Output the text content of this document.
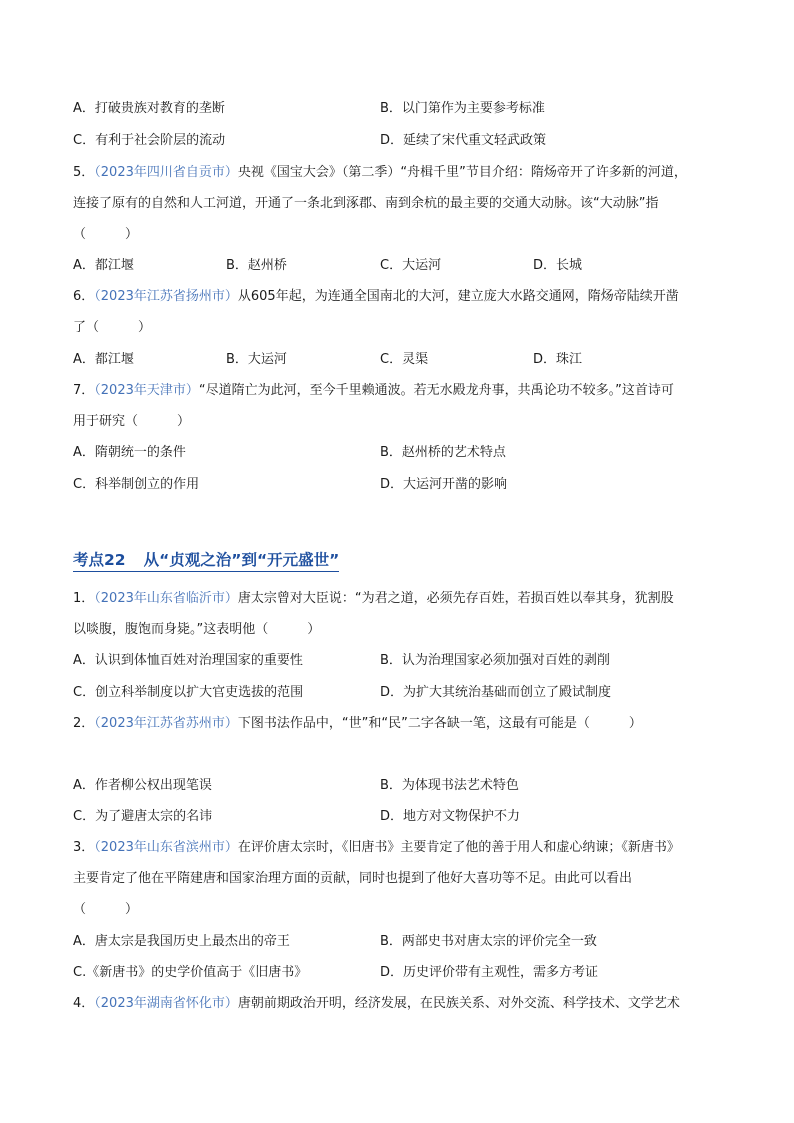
A．打破贵族对教育的垄断	B．以门第作为主要参考标准
C．有利于社会阶层的流动	D．延续了宋代重文轻武政策
5．（2023年四川省自贡市）央视《国宝大会》（第二季）“舟楫千里”节目介绍：隋炀帝开了许多新的河道，
连接了原有的自然和人工河道，开通了一条北到涿郡、南到余杭的最主要的交通大动脉。该“大动脉”指
（　　　）
A．都江堰	B．赵州桥	C．大运河	D．长城
6．（2023年江苏省扬州市）从605年起，为连通全国南北的大河，建立庞大水路交通网，隋炀帝陆续开凿
了（　　　）
A．都江堰	B．大运河	C．灵渠	D．珠江
7．（2023年天津市）“尽道隋亡为此河，至今千里赖通波。若无水殿龙舟事，共禹论功不较多。”这首诗可
用于研究（　　　）
A．隋朝统一的条件	B．赵州桥的艺术特点
C．科举制创立的作用	D．大运河开凿的影响
考点22 从“贞观之治”到“开元盛世”
1．（2023年山东省临沂市）唐太宗曾对大臣说：“为君之道，必须先存百姓，若损百姓以奉其身，犹割股
以啖腹，腹饱而身毙。”这表明他（　　　）
A．认识到体恤百姓对治理国家的重要性	B．认为治理国家必须加强对百姓的剥削
C．创立科举制度以扩大官吏选拔的范围	D．为扩大其统治基础而创立了殿试制度
2．（2023年江苏省苏州市）下图书法作品中，“世”和“民”二字各缺一笔，这最有可能是（　　　）
A．作者柳公权出现笔误	B．为体现书法艺术特色
C．为了避唐太宗的名讳	D．地方对文物保护不力
3．（2023年山东省滨州市）在评价唐太宗时，《旧唐书》主要肯定了他的善于用人和虚心纳谏；《新唐书》
主要肯定了他在平隋建唐和国家治理方面的贡献，同时也提到了他好大喜功等不足。由此可以看出
（　　　）
A．唐太宗是我国历史上最杰出的帝王	B．两部史书对唐太宗的评价完全一致
C.《新唐书》的史学价值高于《旧唐书》	D．历史评价带有主观性，需多方考证
4．（2023年湖南省怀化市）唐朝前期政治开明，经济发展，在民族关系、对外交流、科学技术、文学艺术
